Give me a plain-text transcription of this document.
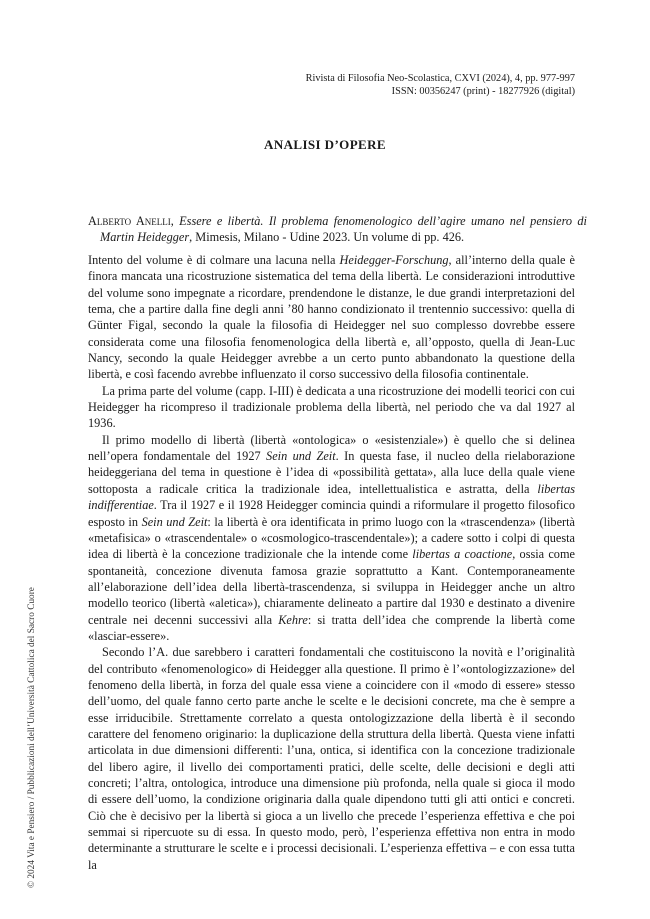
Rivista di Filosofia Neo-Scolastica, CXVI (2024), 4, pp. 977-997
ISSN: 00356247 (print) - 18277926 (digital)
ANALISI D’OPERE
Alberto Anelli, Essere e libertà. Il problema fenomenologico dell’agire umano nel pensiero di Martin Heidegger, Mimesis, Milano - Udine 2023. Un volume di pp. 426.

Intento del volume è di colmare una lacuna nella Heidegger-Forschung, all’interno della quale è finora mancata una ricostruzione sistematica del tema della libertà. Le considerazioni introduttive del volume sono impegnate a ricordare, prendendone le distanze, le due grandi interpretazioni del tema, che a partire dalla fine degli anni ’80 hanno condizionato il trentennio successivo: quella di Günter Figal, secondo la quale la filosofia di Heidegger nel suo complesso dovrebbe essere considerata come una filosofia fenomenologica della libertà e, all’opposto, quella di Jean-Luc Nancy, secondo la quale Heidegger avrebbe a un certo punto abbandonato la questione della libertà, e così facendo avrebbe influenzato il corso successivo della filosofia continentale.

La prima parte del volume (capp. I-III) è dedicata a una ricostruzione dei modelli teorici con cui Heidegger ha ricompreso il tradizionale problema della libertà, nel periodo che va dal 1927 al 1936.

Il primo modello di libertà (libertà «ontologica» o «esistenziale») è quello che si delinea nell’opera fondamentale del 1927 Sein und Zeit. In questa fase, il nucleo della rielaborazione heideggeriana del tema in questione è l’idea di «possibilità gettata», alla luce della quale viene sottoposta a radicale critica la tradizionale idea, intellettualistica e astratta, della libertas indifferentiae. Tra il 1927 e il 1928 Heidegger comincia quindi a riformulare il progetto filosofico esposto in Sein und Zeit: la libertà è ora identificata in primo luogo con la «trascendenza» (libertà «metafisica» o «trascendentale» o «cosmologico-trascendentale»); a cadere sotto i colpi di questa idea di libertà è la concezione tradizionale che la intende come libertas a coactione, ossia come spontaneità, concezione divenuta famosa grazie soprattutto a Kant. Contemporaneamente all’elaborazione dell’idea della libertà-trascendenza, si sviluppa in Heidegger anche un altro modello teorico (libertà «aletica»), chiaramente delineato a partire dal 1930 e destinato a divenire centrale nei decenni successivi alla Kehre: si tratta dell’idea che comprende la libertà come «lasciar-essere».

Secondo l’A. due sarebbero i caratteri fondamentali che costituiscono la novità e l’originalità del contributo «fenomenologico» di Heidegger alla questione. Il primo è l’«ontologizzazione» del fenomeno della libertà, in forza del quale essa viene a coincidere con il «modo di essere» stesso dell’uomo, del quale fanno certo parte anche le scelte e le decisioni concrete, ma che è sempre a esse irriducibile. Strettamente correlato a questa ontologizzazione della libertà è il secondo carattere del fenomeno originario: la duplicazione della struttura della libertà. Questa viene infatti articolata in due dimensioni differenti: l’una, ontica, si identifica con la concezione tradizionale del libero agire, il livello dei comportamenti pratici, delle scelte, delle decisioni e degli atti concreti; l’altra, ontologica, introduce una dimensione più profonda, nella quale si gioca il modo di essere dell’uomo, la condizione originaria dalla quale dipendono tutti gli atti ontici e concreti. Ciò che è decisivo per la libertà si gioca a un livello che precede l’esperienza effettiva e che poi semmai si ripercuote su di essa. In questo modo, però, l’esperienza effettiva non entra in modo determinante a strutturare le scelte e i processi decisionali. L’esperienza effettiva – e con essa tutta la

© 2024 Vita e Pensiero / Pubblicazioni dell’Università Cattolica del Sacro Cuore
